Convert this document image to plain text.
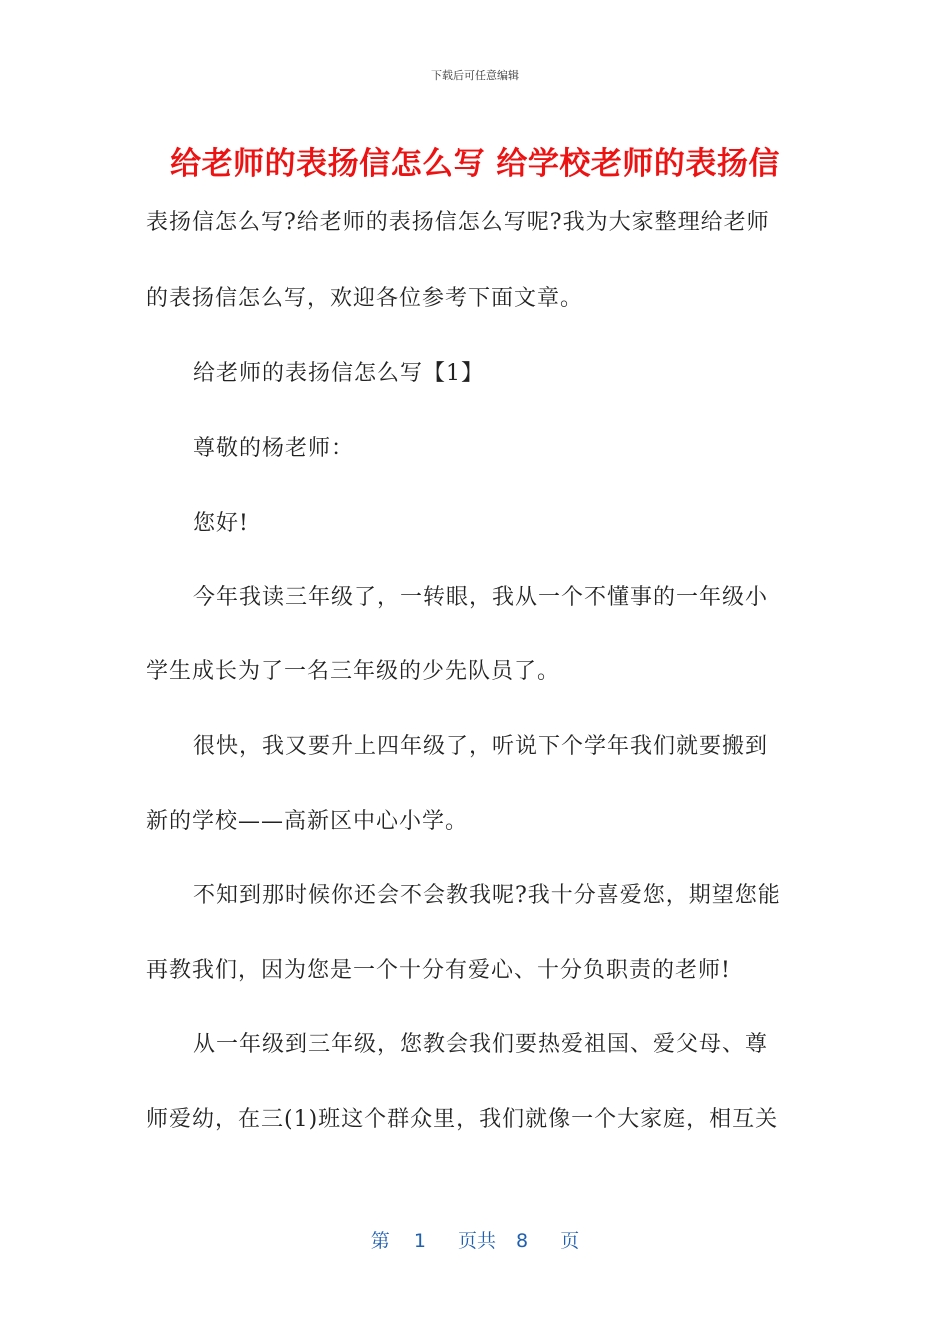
下载后可任意编辑
给老师的表扬信怎么写 给学校老师的表扬信
表扬信怎么写?给老师的表扬信怎么写呢?我为大家整理给老师
的表扬信怎么写，欢迎各位参考下面文章。
给老师的表扬信怎么写【1】
尊敬的杨老师：
您好!
今年我读三年级了，一转眼，我从一个不懂事的一年级小
学生成长为了一名三年级的少先队员了。
很快，我又要升上四年级了，听说下个学年我们就要搬到
新的学校——高新区中心小学。
不知到那时候你还会不会教我呢?我十分喜爱您，期望您能
再教我们，因为您是一个十分有爱心、十分负职责的老师!
从一年级到三年级，您教会我们要热爱祖国、爱父母、尊
师爱幼，在三(1)班这个群众里，我们就像一个大家庭，相互关
第 1 页共 8 页
